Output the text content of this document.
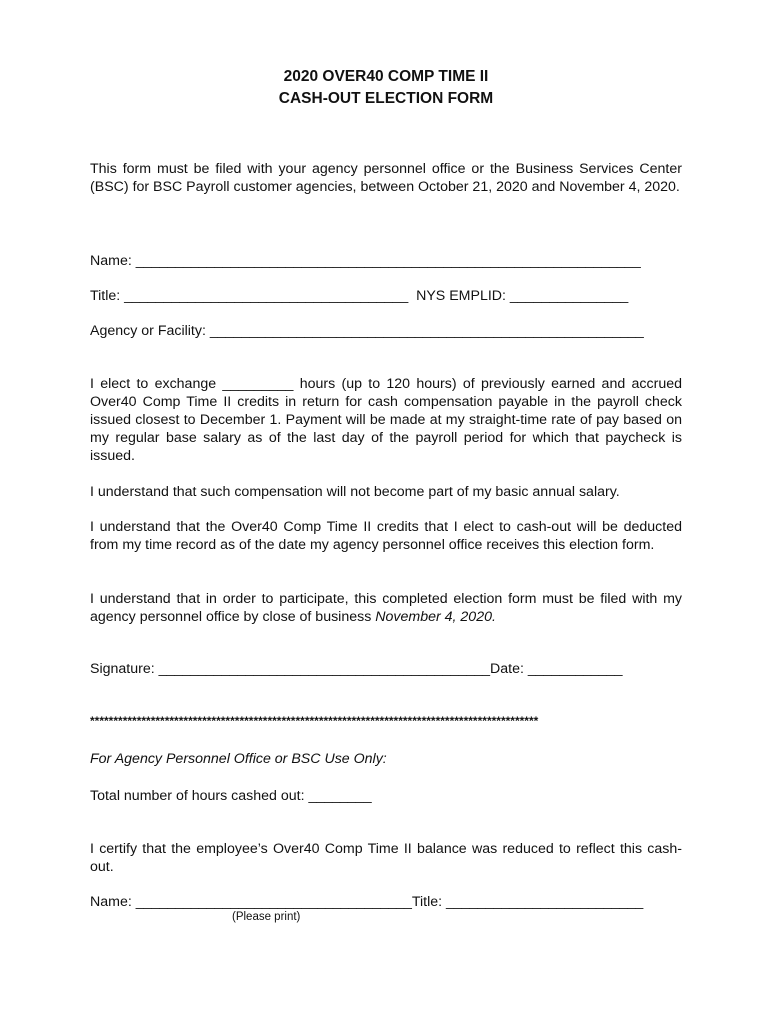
2020 OVER40 COMP TIME II
CASH-OUT ELECTION FORM
This form must be filed with your agency personnel office or the Business Services Center (BSC) for BSC Payroll customer agencies, between October 21, 2020 and November 4, 2020.
Name: ________________________________________________________________
Title: ____________________________________  NYS EMPLID: _______________
Agency or Facility: _______________________________________________________
I elect to exchange _________ hours (up to 120 hours) of previously earned and accrued Over40 Comp Time II credits in return for cash compensation payable in the payroll check issued closest to December 1. Payment will be made at my straight-time rate of pay based on my regular base salary as of the last day of the payroll period for which that paycheck is issued.
I understand that such compensation will not become part of my basic annual salary.
I understand that the Over40 Comp Time II credits that I elect to cash-out will be deducted from my time record as of the date my agency personnel office receives this election form.
I understand that in order to participate, this completed election form must be filed with my agency personnel office by close of business November 4, 2020.
Signature: __________________________________________Date: ____________
************************************************************************************************
For Agency Personnel Office or BSC Use Only:
Total number of hours cashed out: ________
I certify that the employee’s Over40 Comp Time II balance was reduced to reflect this cash-out.
Name: ___________________________________Title: _________________________
(Please print)
